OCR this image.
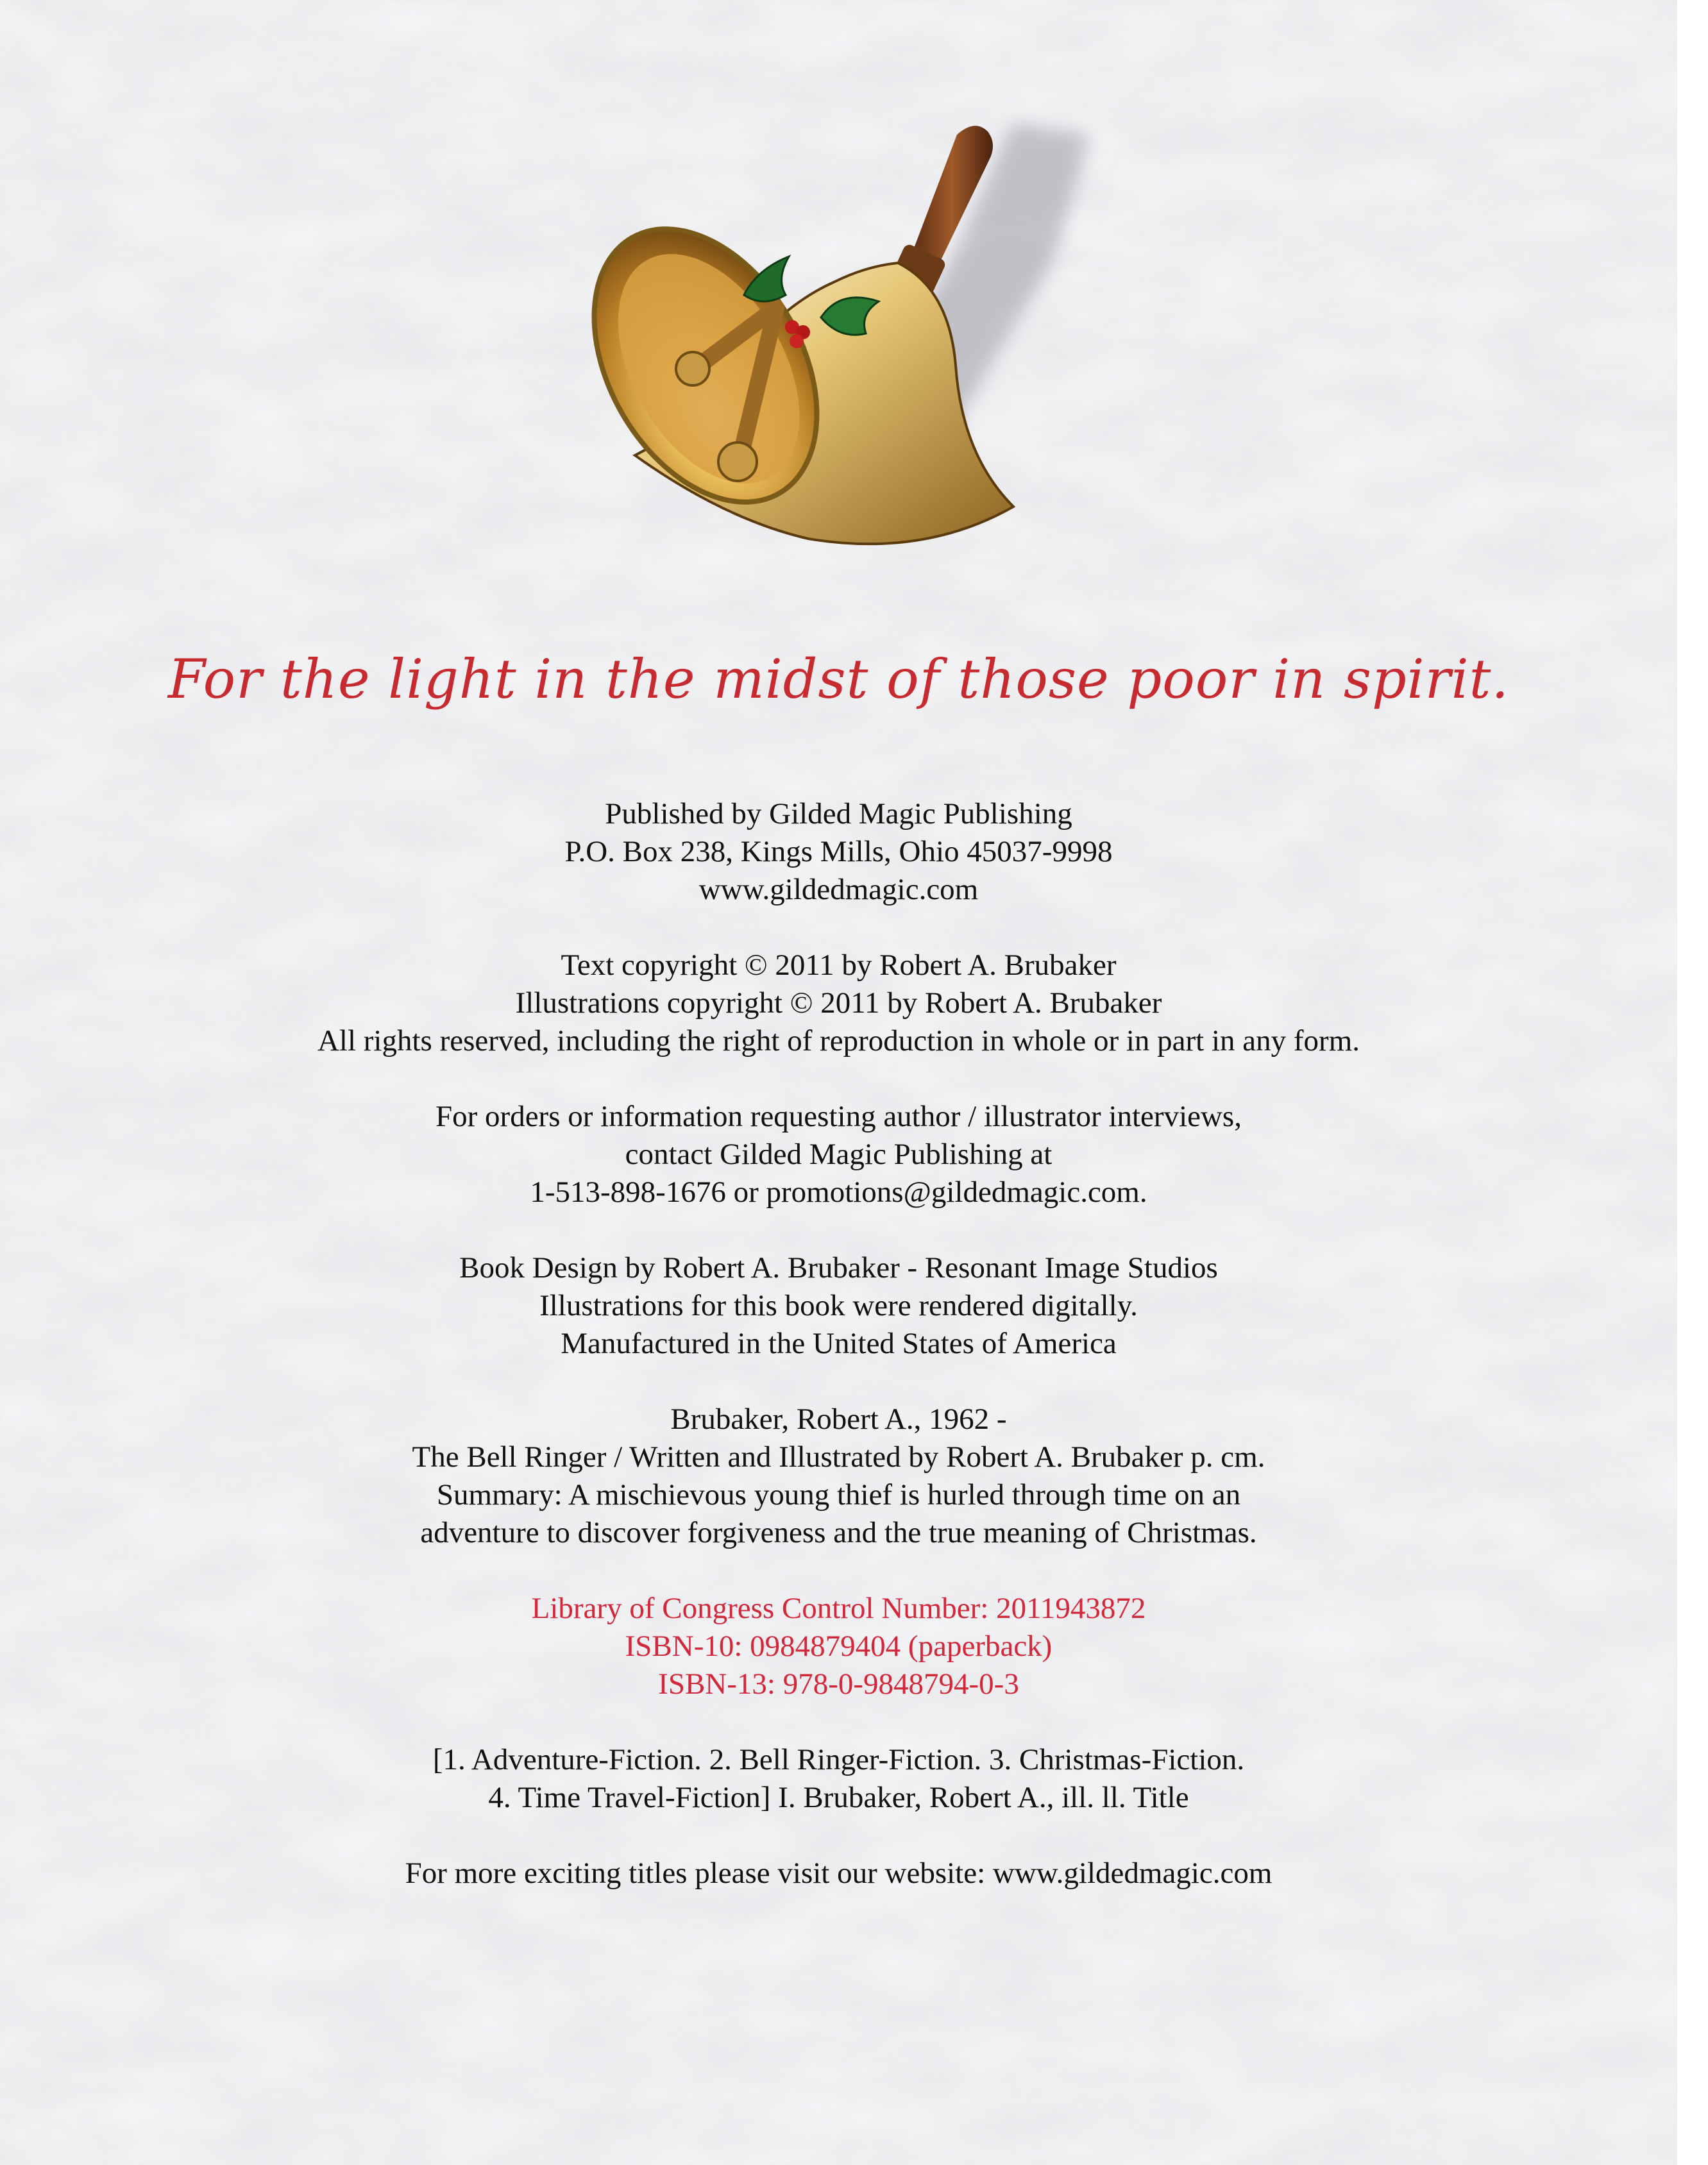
For the light in the midst of those poor in spirit.
Published by Gilded Magic Publishing
P.O. Box 238, Kings Mills, Ohio 45037-9998
www.gildedmagic.com
Text copyright © 2011 by Robert A. Brubaker
Illustrations copyright © 2011 by Robert A. Brubaker
All rights reserved, including the right of reproduction in whole or in part in any form.
For orders or information requesting author / illustrator interviews,
contact Gilded Magic Publishing at
1-513-898-1676 or promotions@gildedmagic.com.
Book Design by Robert A. Brubaker - Resonant Image Studios
Illustrations for this book were rendered digitally.
Manufactured in the United States of America
Brubaker, Robert A., 1962 -
The Bell Ringer / Written and Illustrated by Robert A. Brubaker p. cm.
Summary: A mischievous young thief is hurled through time on an
adventure to discover forgiveness and the true meaning of Christmas.
Library of Congress Control Number: 2011943872
ISBN-10: 0984879404 (paperback)
ISBN-13: 978-0-9848794-0-3
[1. Adventure-Fiction. 2. Bell Ringer-Fiction. 3. Christmas-Fiction.
4. Time Travel-Fiction] I. Brubaker, Robert A., ill. ll. Title
For more exciting titles please visit our website: www.gildedmagic.com
